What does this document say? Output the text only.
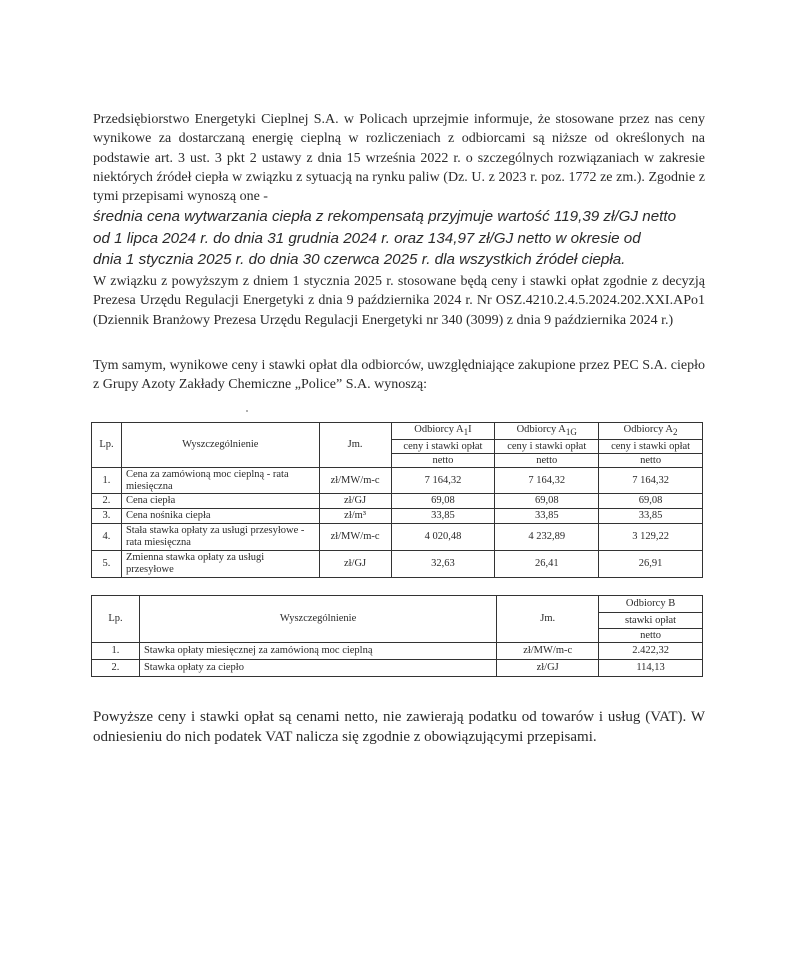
Przedsiębiorstwo Energetyki Cieplnej S.A. w Policach uprzejmie informuje, że stosowane przez nas ceny wynikowe za dostarczaną energię cieplną w rozliczeniach z odbiorcami są niższe od określonych na podstawie art. 3 ust. 3 pkt 2 ustawy z dnia 15 września 2022 r. o szczególnych rozwiązaniach w zakresie niektórych źródeł ciepła w związku z sytuacją na rynku paliw (Dz. U. z 2023 r. poz. 1772 ze zm.). Zgodnie z tymi przepisami wynoszą one -
średnia cena wytwarzania ciepła z rekompensatą przyjmuje wartość 119,39 zł/GJ netto
od 1 lipca 2024 r. do dnia 31 grudnia 2024 r. oraz 134,97 zł/GJ netto w okresie od
dnia 1 stycznia 2025 r. do dnia 30 czerwca 2025 r. dla wszystkich źródeł ciepła.

W związku z powyższym z dniem 1 stycznia 2025 r. stosowane będą ceny i stawki opłat zgodnie z decyzją Prezesa Urzędu Regulacji Energetyki z dnia 9 października 2024 r. Nr OSZ.4210.2.4.5.2024.202.XXI.APo1 (Dziennik Branżowy Prezesa Urzędu Regulacji Energetyki nr 340 (3099) z dnia 9 października 2024 r.)

Tym samym, wynikowe ceny i stawki opłat dla odbiorców, uwzględniające zakupione przez PEC S.A. ciepło z Grupy Azoty Zakłady Chemiczne „Police” S.A. wynoszą:

Lp.	Wyszczególnienie	Jm.	Odbiorcy $A_1I$	Odbiorcy $A_{1G}$	Odbiorcy $A_2$
			ceny i stawki opłat	ceny i stawki opłat	ceny i stawki opłat
			netto	netto	netto
1.	Cena za zamówioną moc cieplną - rata miesięczna	zł/MW/m-c	7 164,32	7 164,32	7 164,32
2.	Cena ciepła	zł/GJ	69,08	69,08	69,08
3.	Cena nośnika ciepła	zł/m³	33,85	33,85	33,85
4.	Stała stawka opłaty za usługi przesyłowe - rata miesięczna	zł/MW/m-c	4 020,48	4 232,89	3 129,22
5.	Zmienna stawka opłaty za usługi przesyłowe	zł/GJ	32,63	26,41	26,91
Lp.	Wyszczególnienie	Jm.	Odbiorcy B
			stawki opłat
			netto
1.	Stawka opłaty miesięcznej za zamówioną moc cieplną	zł/MW/m-c	2.422,32
2.	Stawka opłaty za ciepło	zł/GJ	114,13

Powyższe ceny i stawki opłat są cenami netto, nie zawierają podatku od towarów i usług (VAT). W odniesieniu do nich podatek VAT nalicza się zgodnie z obowiązującymi przepisami.
